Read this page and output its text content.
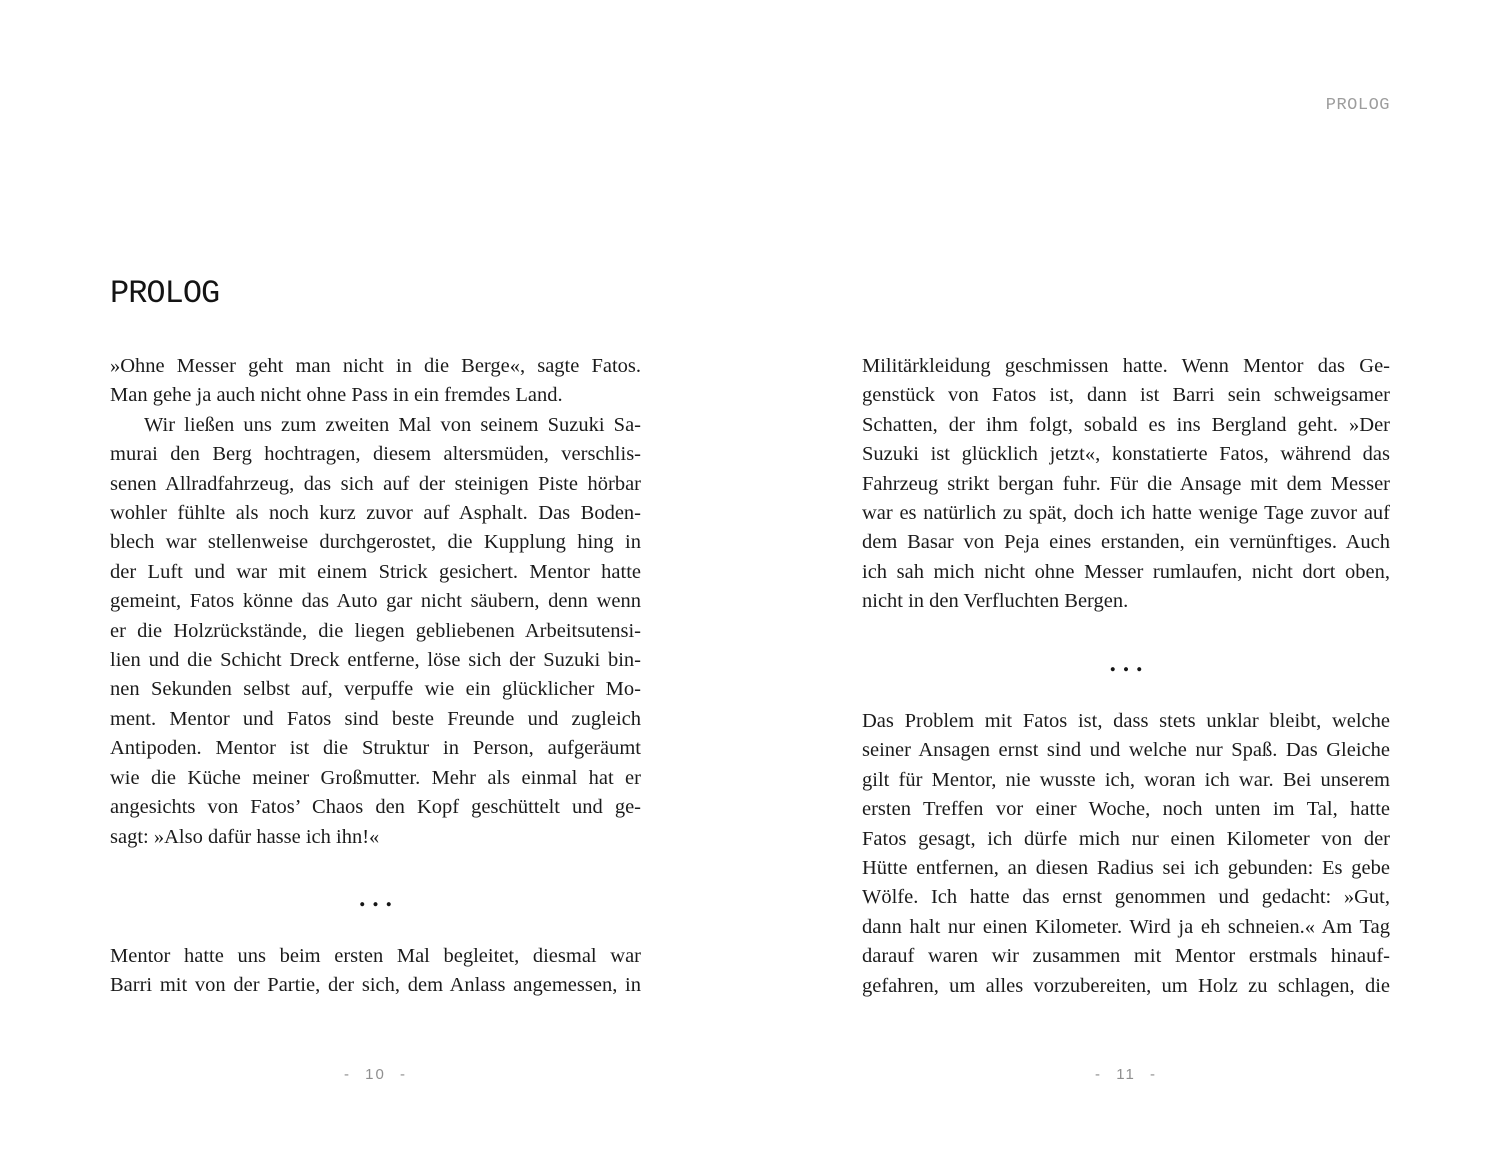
PROLOG
»Ohne Messer geht man nicht in die Berge«, sagte Fatos.
Man gehe ja auch nicht ohne Pass in ein fremdes Land.
Wir ließen uns zum zweiten Mal von seinem Suzuki Sa-
murai den Berg hochtragen, diesem altersmüden, verschlis-
senen Allradfahrzeug, das sich auf der steinigen Piste hörbar
wohler fühlte als noch kurz zuvor auf Asphalt. Das Boden-
blech war stellenweise durchgerostet, die Kupplung hing in
der Luft und war mit einem Strick gesichert. Mentor hatte
gemeint, Fatos könne das Auto gar nicht säubern, denn wenn
er die Holzrückstände, die liegen gebliebenen Arbeitsutensi-
lien und die Schicht Dreck entferne, löse sich der Suzuki bin-
nen Sekunden selbst auf, verpuffe wie ein glücklicher Mo-
ment. Mentor und Fatos sind beste Freunde und zugleich
Antipoden. Mentor ist die Struktur in Person, aufgeräumt
wie die Küche meiner Großmutter. Mehr als einmal hat er
angesichts von Fatos’ Chaos den Kopf geschüttelt und ge-
sagt: »Also dafür hasse ich ihn!«
...
Mentor hatte uns beim ersten Mal begleitet, diesmal war
Barri mit von der Partie, der sich, dem Anlass angemessen, in
- 10 -
PROLOG
Militärkleidung geschmissen hatte. Wenn Mentor das Ge-
genstück von Fatos ist, dann ist Barri sein schweigsamer
Schatten, der ihm folgt, sobald es ins Bergland geht. »Der
Suzuki ist glücklich jetzt«, konstatierte Fatos, während das
Fahrzeug strikt bergan fuhr. Für die Ansage mit dem Messer
war es natürlich zu spät, doch ich hatte wenige Tage zuvor auf
dem Basar von Peja eines erstanden, ein vernünftiges. Auch
ich sah mich nicht ohne Messer rumlaufen, nicht dort oben,
nicht in den Verfluchten Bergen.
...
Das Problem mit Fatos ist, dass stets unklar bleibt, welche
seiner Ansagen ernst sind und welche nur Spaß. Das Gleiche
gilt für Mentor, nie wusste ich, woran ich war. Bei unserem
ersten Treffen vor einer Woche, noch unten im Tal, hatte
Fatos gesagt, ich dürfe mich nur einen Kilometer von der
Hütte entfernen, an diesen Radius sei ich gebunden: Es gebe
Wölfe. Ich hatte das ernst genommen und gedacht: »Gut,
dann halt nur einen Kilometer. Wird ja eh schneien.« Am Tag
darauf waren wir zusammen mit Mentor erstmals hinauf-
gefahren, um alles vorzubereiten, um Holz zu schlagen, die
- 11 -
